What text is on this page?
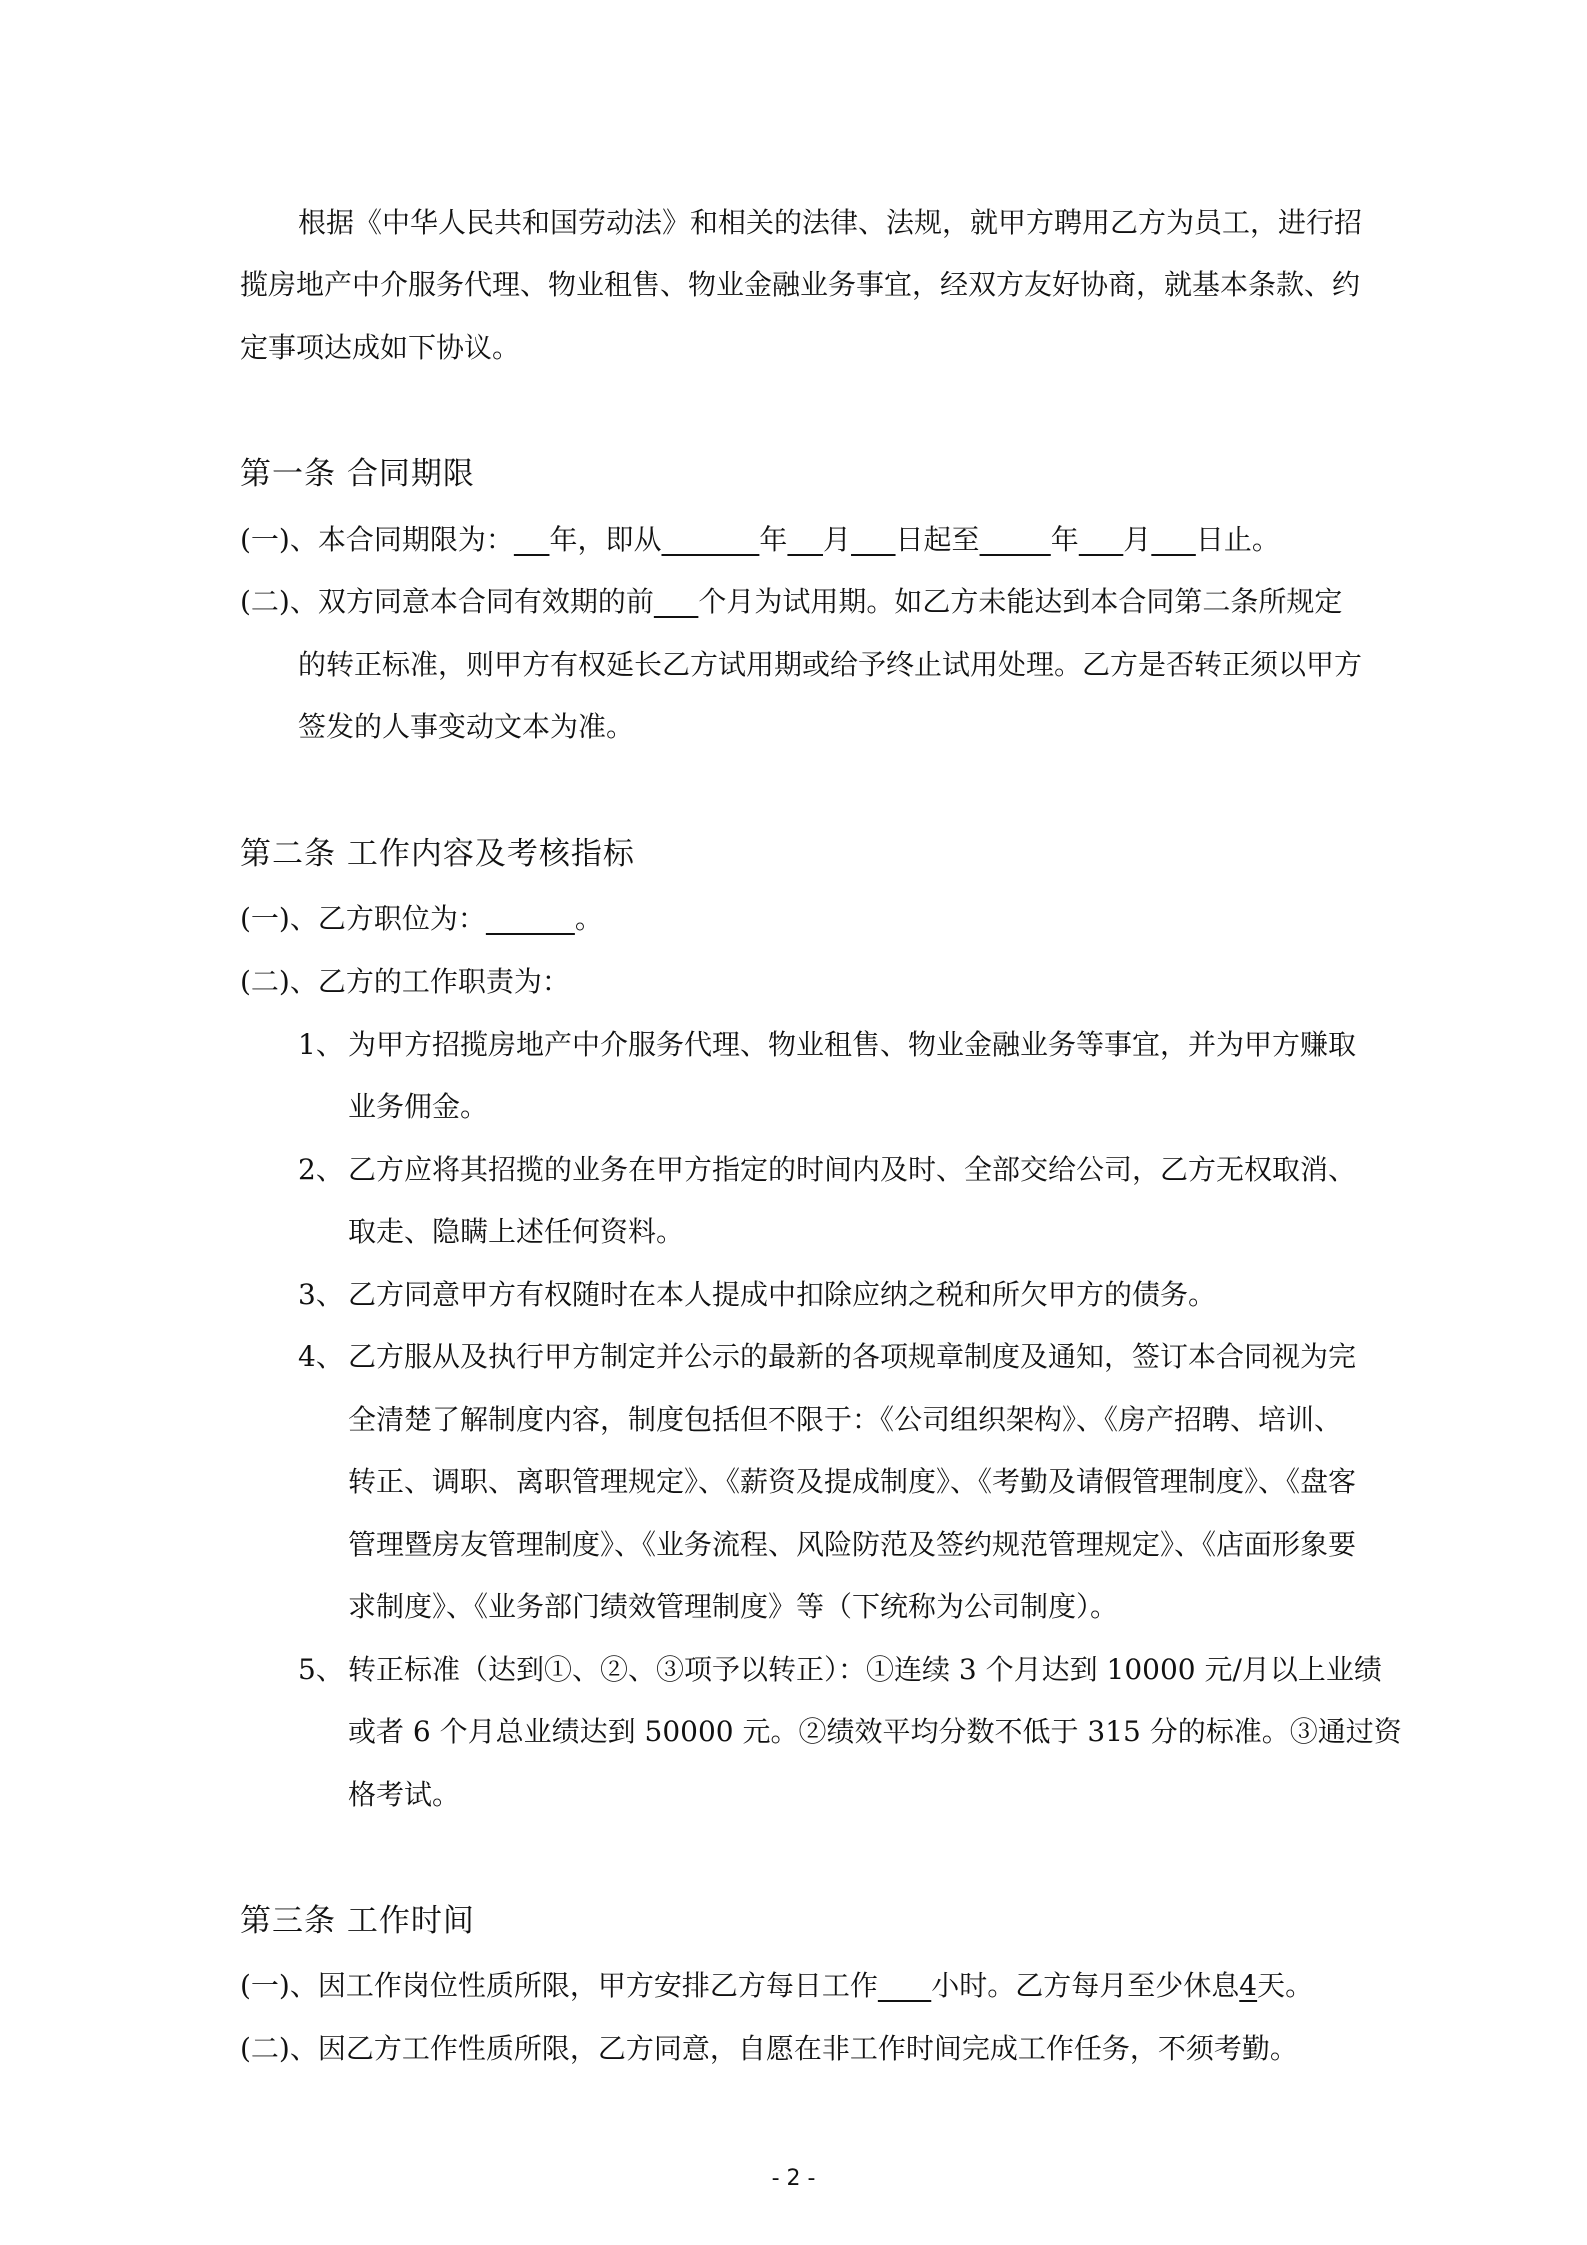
根据《中华人民共和国劳动法》和相关的法律、法规，就甲方聘用乙方为员工，进行招
揽房地产中介服务代理、物业租售、物业金融业务事宜，经双方友好协商，就基本条款、约
定事项达成如下协议。
第一条 合同期限
(一)、本合同期限为： 年，即从	年 月 日起至	年 月 日止。
(二)、双方同意本合同有效期的前 个月为试用期。如乙方未能达到本合同第二条所规定
的转正标准，则甲方有权延长乙方试用期或给予终止试用处理。乙方是否转正须以甲方
签发的人事变动文本为准。
第二条 工作内容及考核指标
(一)、乙方职位为：	。
(二)、乙方的工作职责为：
1、 为甲方招揽房地产中介服务代理、物业租售、物业金融业务等事宜，并为甲方赚取
业务佣金。
2、 乙方应将其招揽的业务在甲方指定的时间内及时、全部交给公司，乙方无权取消、
取走、隐瞒上述任何资料。
3、 乙方同意甲方有权随时在本人提成中扣除应纳之税和所欠甲方的债务。
4、 乙方服从及执行甲方制定并公示的最新的各项规章制度及通知，签订本合同视为完
全清楚了解制度内容，制度包括但不限于：《公司组织架构》、《房产招聘、培训、
转正、调职、离职管理规定》、《薪资及提成制度》、《考勤及请假管理制度》、《盘客
管理暨房友管理制度》、《业务流程、风险防范及签约规范管理规定》、《店面形象要
求制度》、《业务部门绩效管理制度》等（下统称为公司制度）。
5、 转正标准（达到①、②、③项予以转正）：①连续 3 个月达到 10000 元/月以上业绩
或者 6 个月总业绩达到 50000 元。②绩效平均分数不低于 315 分的标准。③通过资
格考试。
第三条 工作时间
(一)、因工作岗位性质所限，甲方安排乙方每日工作 小时。乙方每月至少休息4天。
(二)、因乙方工作性质所限，乙方同意，自愿在非工作时间完成工作任务，不须考勤。
- 2 -
